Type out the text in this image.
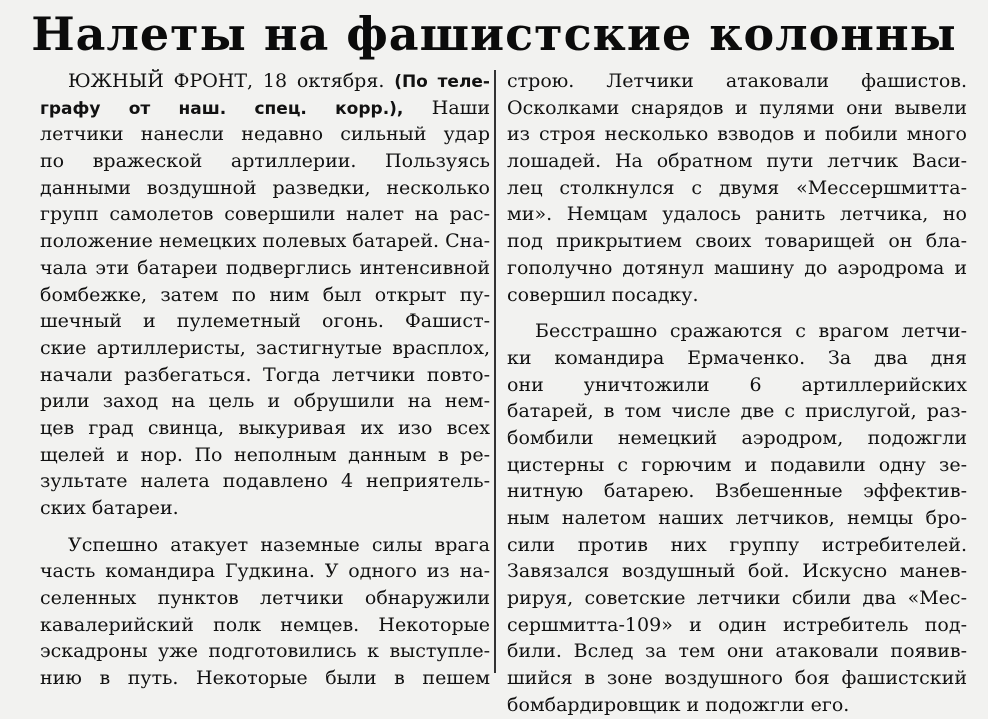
Налеты на фашистские колонны
ЮЖНЫЙ ФРОНТ, 18 октября. (По теле-
графу от наш. спец. корр.), Наши
летчики нанесли недавно сильный удар
по вражеской артиллерии. Пользуясь
данными воздушной разведки, несколько
групп самолетов совершили налет на рас-
положение немецких полевых батарей. Сна-
чала эти батареи подверглись интенсивной
бомбежке, затем по ним был открыт пу-
шечный и пулеметный огонь. Фашист-
ские артиллеристы, застигнутые врасплох,
начали разбегаться. Тогда летчики повто-
рили заход на цель и обрушили на нем-
цев град свинца, выкуривая их изо всех
щелей и нор. По неполным данным в ре-
зультате налета подавлено 4 неприятель-
ских батареи.
Успешно атакует наземные силы врага
часть командира Гудкина. У одного из на-
селенных пунктов летчики обнаружили
кавалерийский полк немцев. Некоторые
эскадроны уже подготовились к выступле-
нию в путь. Некоторые были в пешем
строю. Летчики атаковали фашистов.
Осколками снарядов и пулями они вывели
из строя несколько взводов и побили много
лошадей. На обратном пути летчик Васи-
лец столкнулся с двумя «Мессершмитта-
ми». Немцам удалось ранить летчика, но
под прикрытием своих товарищей он бла-
гополучно дотянул машину до аэродрома и
совершил посадку.
Бесстрашно сражаются с врагом летчи-
ки командира Ермаченко. За два дня
они уничтожили 6 артиллерийских
батарей, в том числе две с прислугой, раз-
бомбили немецкий аэродром, подожгли
цистерны с горючим и подавили одну зе-
нитную батарею. Взбешенные эффектив-
ным налетом наших летчиков, немцы бро-
сили против них группу истребителей.
Завязался воздушный бой. Искусно манев-
рируя, советские летчики сбили два «Мес-
сершмитта-109» и один истребитель под-
били. Вслед за тем они атаковали появив-
шийся в зоне воздушного боя фашистский
бомбардировщик и подожгли его.
